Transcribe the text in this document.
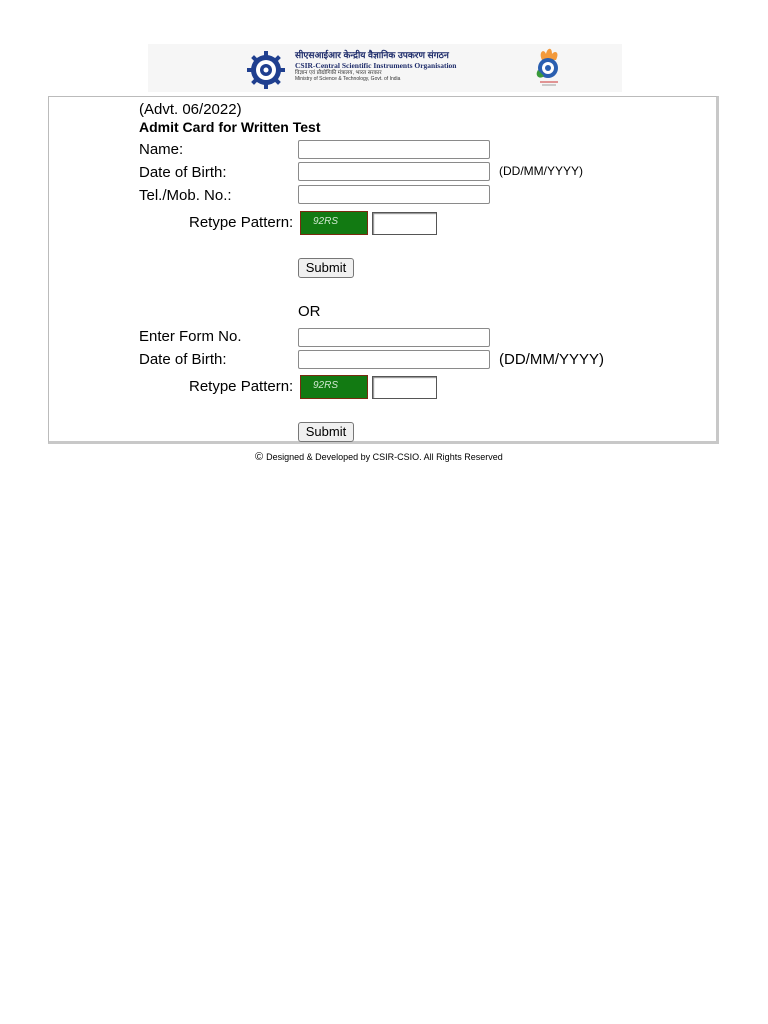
सीएसआईआर केन्द्रीय वैज्ञानिक उपकरण संगठन
CSIR-Central Scientific Instruments Organisation
विज्ञान एवं प्रौद्योगिकी मंत्रालय, भारत सरकार
Ministry of Science & Technology, Govt. of India
(Advt. 06/2022)
Admit Card for Written Test
Name:
Date of Birth:	(DD/MM/YYYY)
Tel./Mob. No.:
Retype Pattern:	92RS
Submit
OR
Enter Form No.
Date of Birth:	(DD/MM/YYYY)
Retype Pattern:	92RS
Submit
© Designed & Developed by CSIR-CSIO. All Rights Reserved
